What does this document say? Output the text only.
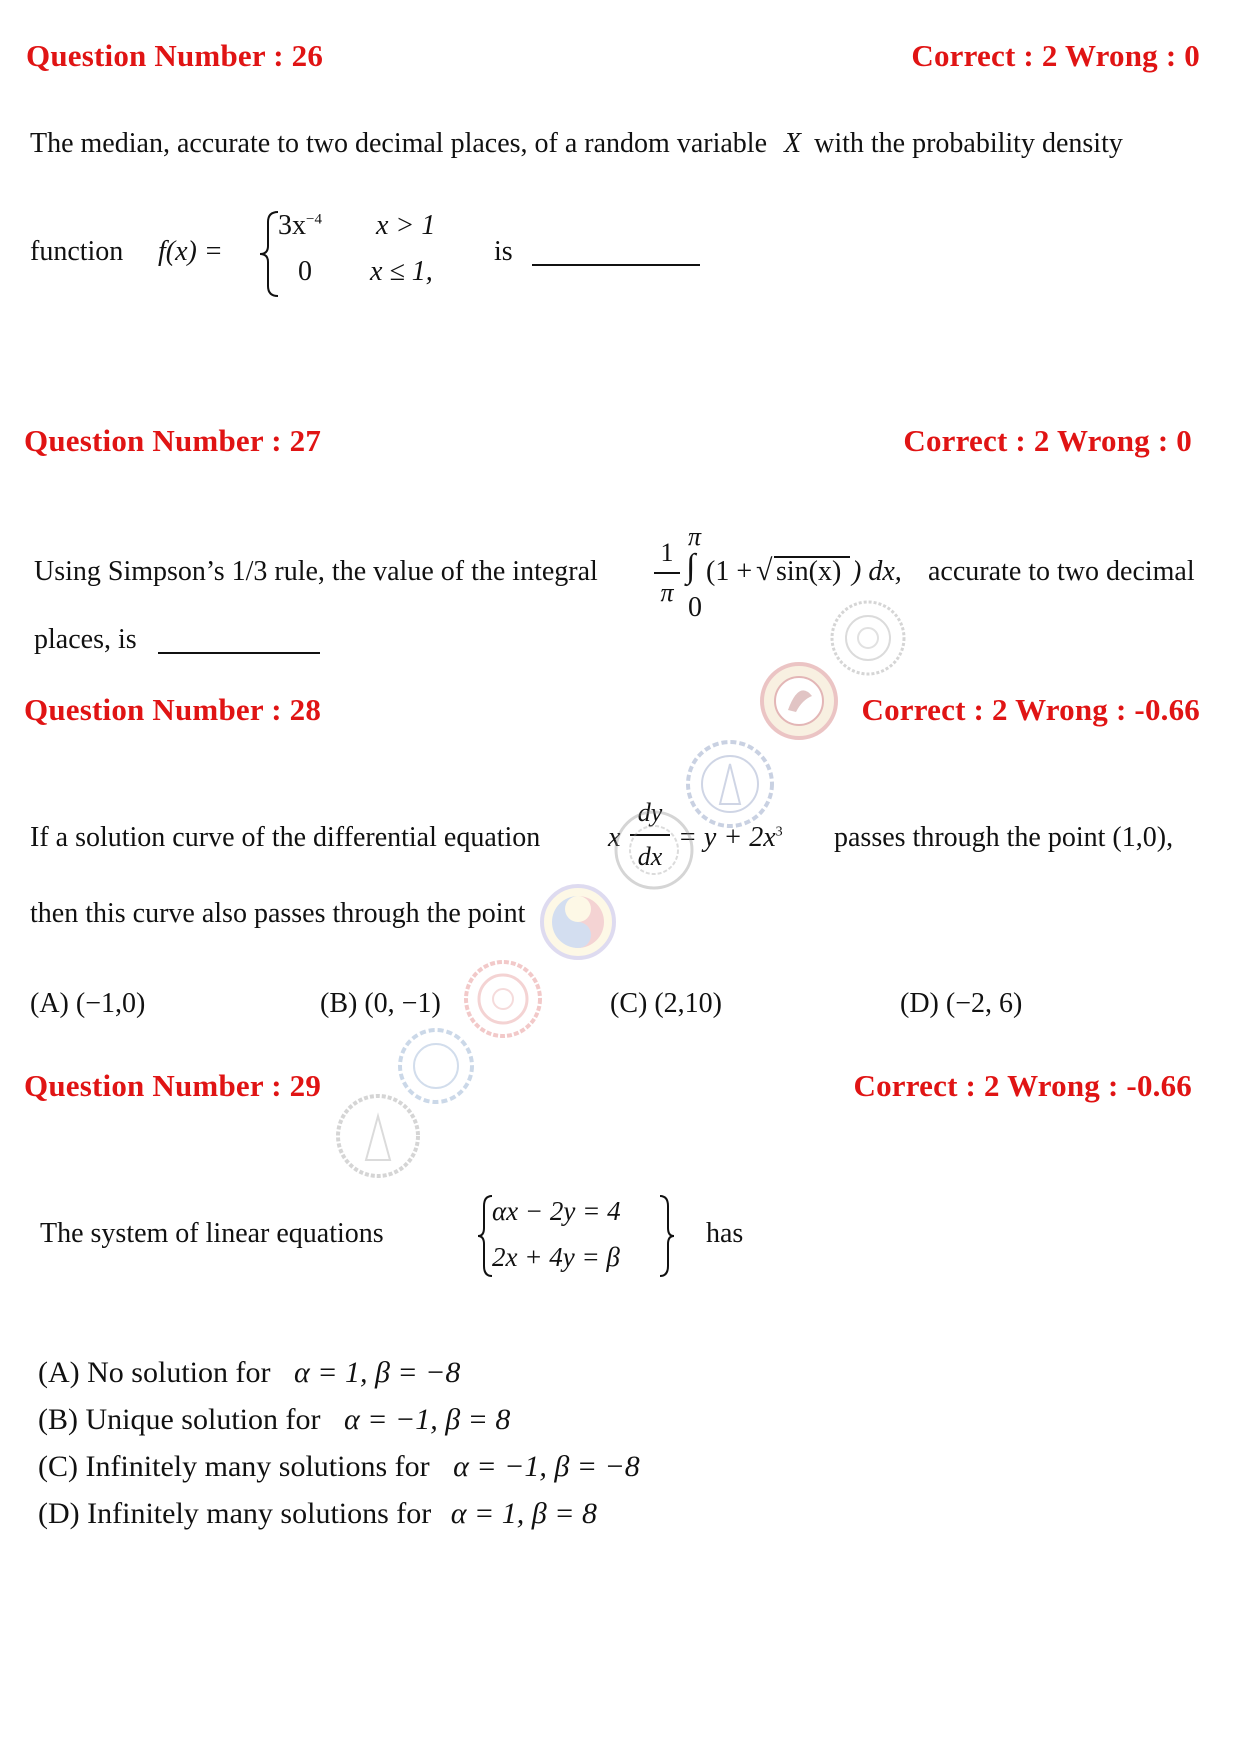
Question Number : 26	Correct : 2 Wrong : 0
The median, accurate to two decimal places, of a random variable X with the probability density
function f(x) =
$3x^{-4}$ x > 1
0 x ≤ 1,
is
Question Number : 27	Correct : 2 Wrong : 0
Using Simpson’s 1/3 rule, the value of the integral
1
π
π
∫
0
(1 + √ sin(x) ) dx, accurate to two decimal
places, is
Question Number : 28	Correct : 2 Wrong : -0.66
If a solution curve of the differential equation x
dy
dx
= $y + 2x^3$ passes through the point (1,0),
then this curve also passes through the point
(A) (−1,0)	(B) (0, −1)	(C) (2,10)	(D) (−2, 6)
Question Number : 29	Correct : 2 Wrong : -0.66
The system of linear equations
αx − 2y = 4
2x + 4y = β
has
(A) No solution for α = 1, β = −8
(B) Unique solution for α = −1, β = 8
(C) Infinitely many solutions for α = −1, β = −8
(D) Infinitely many solutions for α = 1, β = 8
